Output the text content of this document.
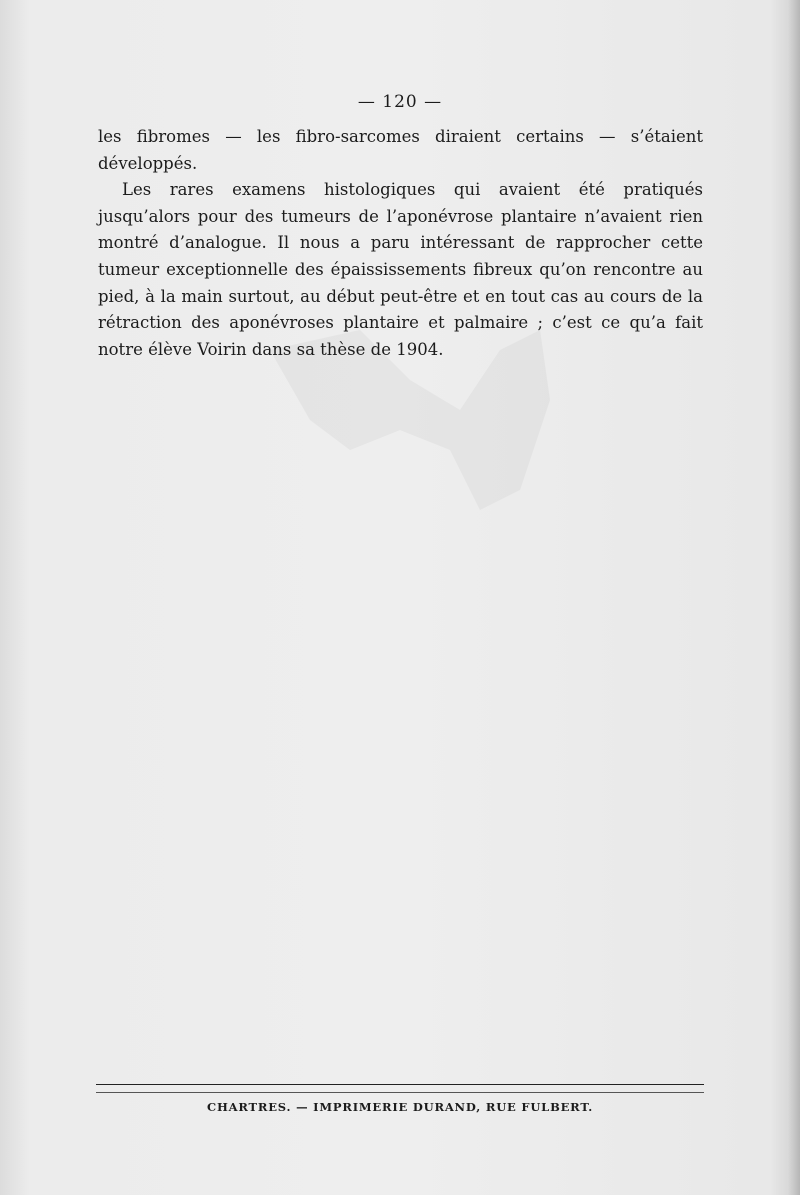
— 120 —

les fibromes — les fibro-sarcomes diraient certains — s’étaient développés.

Les rares examens histologiques qui avaient été pratiqués jusqu’alors pour des tumeurs de l’aponévrose plantaire n’avaient rien montré d’analogue. Il nous a paru intéressant de rapprocher cette tumeur exceptionnelle des épaississements fibreux qu’on rencontre au pied, à la main surtout, au début peut-être et en tout cas au cours de la rétraction des aponévroses plantaire et palmaire ; c’est ce qu’a fait notre élève Voirin dans sa thèse de 1904.

CHARTRES. — IMPRIMERIE DURAND, RUE FULBERT.
